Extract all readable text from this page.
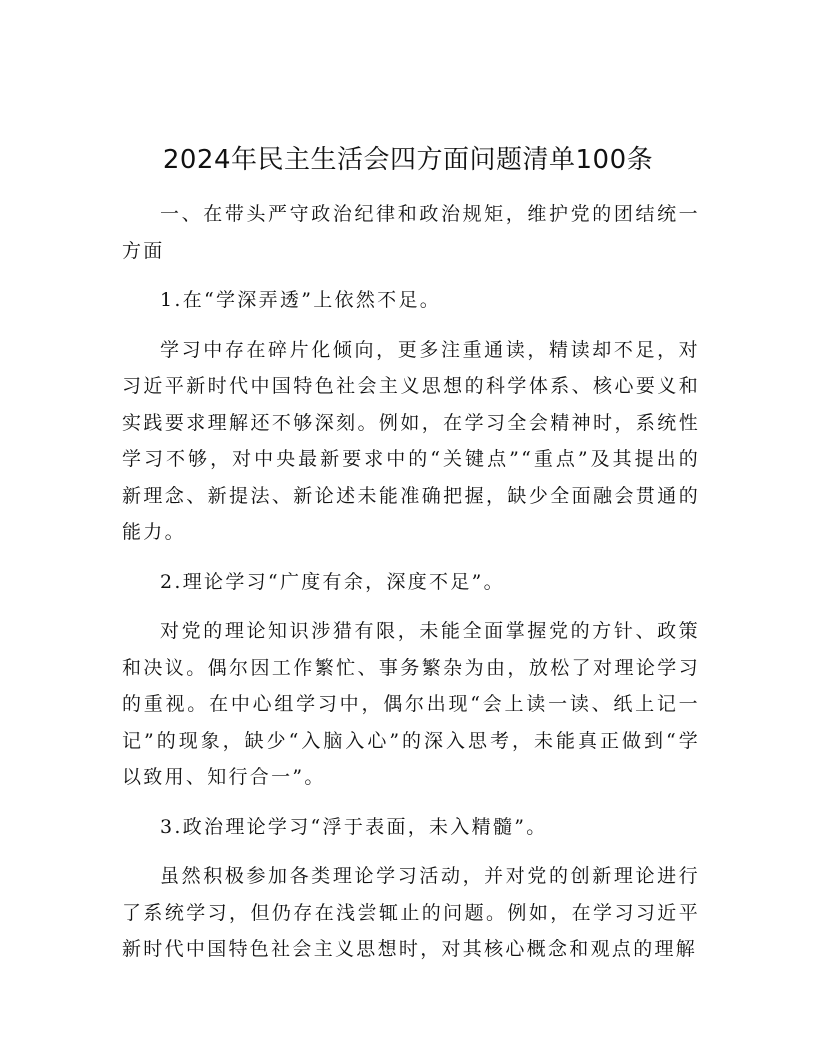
2024年民主生活会四方面问题清单100条

一、在带头严守政治纪律和政治规矩，维护党的团结统一方面

1.在“学深弄透”上依然不足。

学习中存在碎片化倾向，更多注重通读，精读却不足，对习近平新时代中国特色社会主义思想的科学体系、核心要义和实践要求理解还不够深刻。例如，在学习全会精神时，系统性学习不够，对中央最新要求中的“关键点”“重点”及其提出的新理念、新提法、新论述未能准确把握，缺少全面融会贯通的能力。

2.理论学习“广度有余，深度不足”。

对党的理论知识涉猎有限，未能全面掌握党的方针、政策和决议。偶尔因工作繁忙、事务繁杂为由，放松了对理论学习的重视。在中心组学习中，偶尔出现“会上读一读、纸上记一记”的现象，缺少“入脑入心”的深入思考，未能真正做到“学以致用、知行合一”。

3.政治理论学习“浮于表面，未入精髓”。

虽然积极参加各类理论学习活动，并对党的创新理论进行了系统学习，但仍存在浅尝辄止的问题。例如，在学习习近平新时代中国特色社会主义思想时，对其核心概念和观点的理解
